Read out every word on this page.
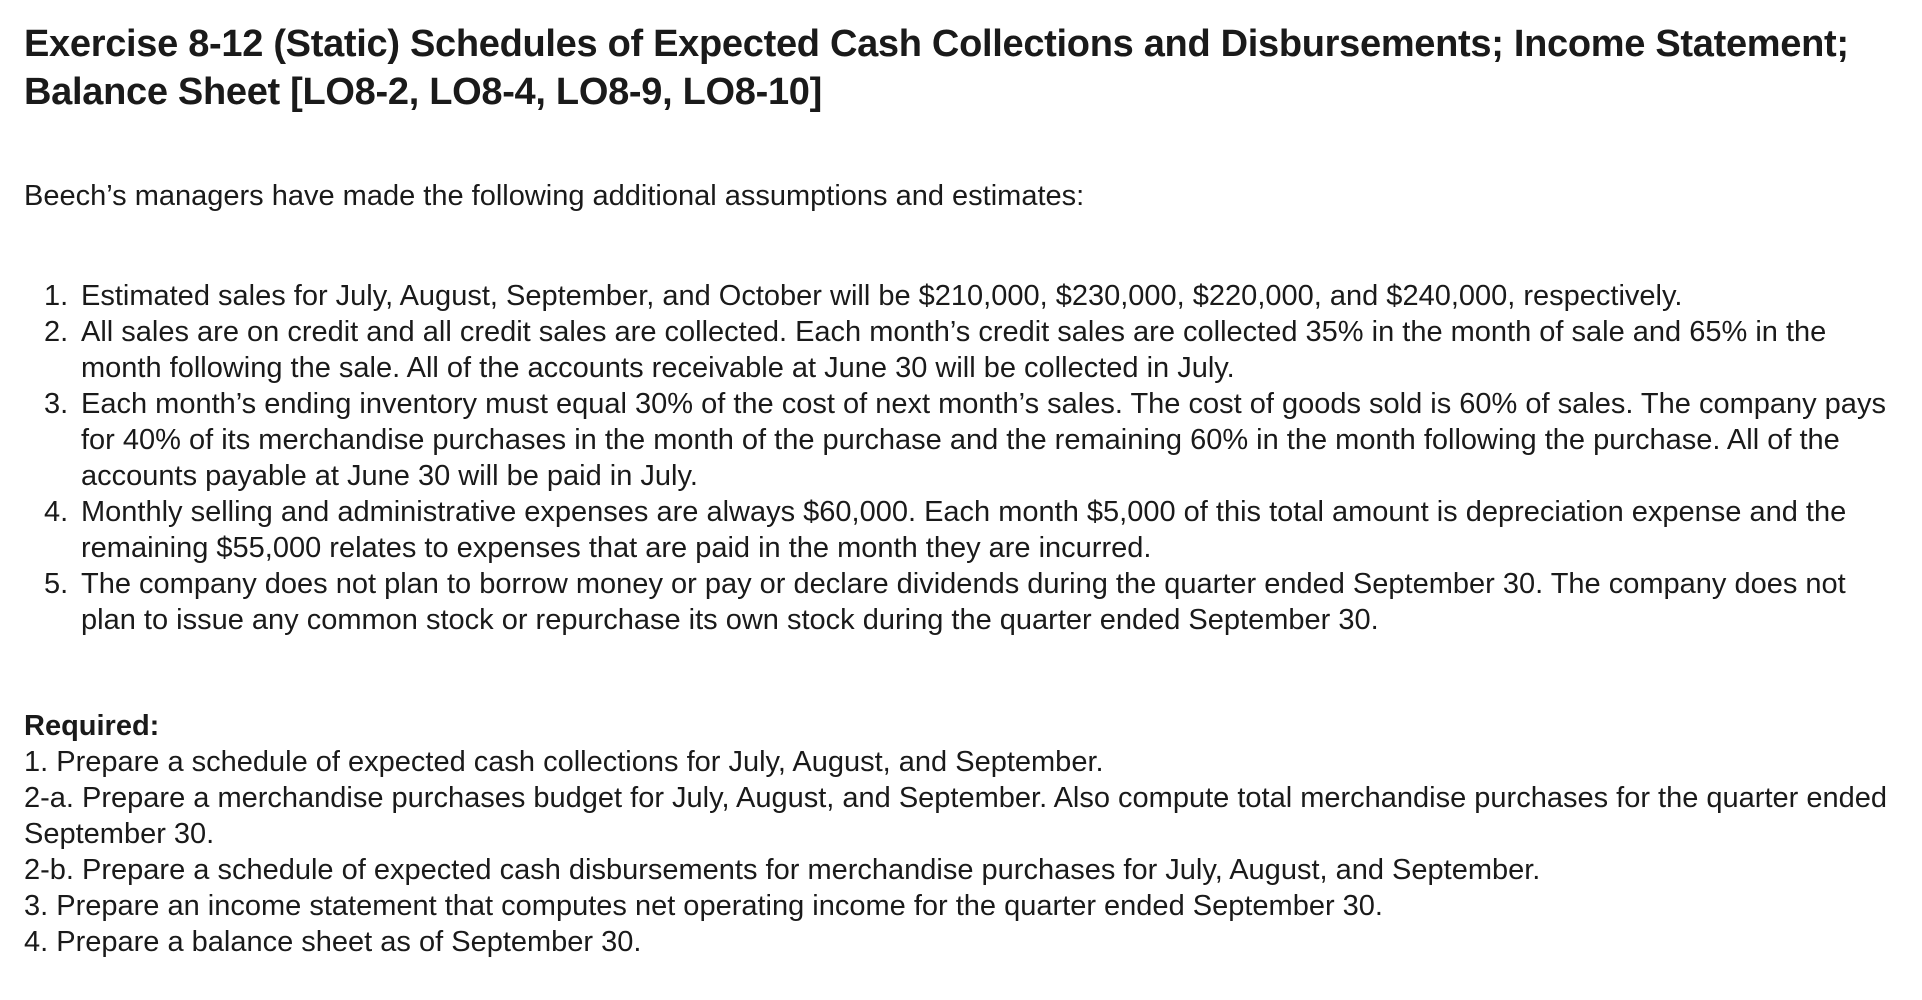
Exercise 8-12 (Static) Schedules of Expected Cash Collections and Disbursements; Income Statement; Balance Sheet [LO8-2, LO8-4, LO8-9, LO8-10]

Beech’s managers have made the following additional assumptions and estimates:

1. Estimated sales for July, August, September, and October will be $210,000, $230,000, $220,000, and $240,000, respectively.
2. All sales are on credit and all credit sales are collected. Each month’s credit sales are collected 35% in the month of sale and 65% in the month following the sale. All of the accounts receivable at June 30 will be collected in July.
3. Each month’s ending inventory must equal 30% of the cost of next month’s sales. The cost of goods sold is 60% of sales. The company pays for 40% of its merchandise purchases in the month of the purchase and the remaining 60% in the month following the purchase. All of the accounts payable at June 30 will be paid in July.
4. Monthly selling and administrative expenses are always $60,000. Each month $5,000 of this total amount is depreciation expense and the remaining $55,000 relates to expenses that are paid in the month they are incurred.
5. The company does not plan to borrow money or pay or declare dividends during the quarter ended September 30. The company does not plan to issue any common stock or repurchase its own stock during the quarter ended September 30.

Required:

1. Prepare a schedule of expected cash collections for July, August, and September.

2-a. Prepare a merchandise purchases budget for July, August, and September. Also compute total merchandise purchases for the quarter ended September 30.

2-b. Prepare a schedule of expected cash disbursements for merchandise purchases for July, August, and September.

3. Prepare an income statement that computes net operating income for the quarter ended September 30.

4. Prepare a balance sheet as of September 30.
